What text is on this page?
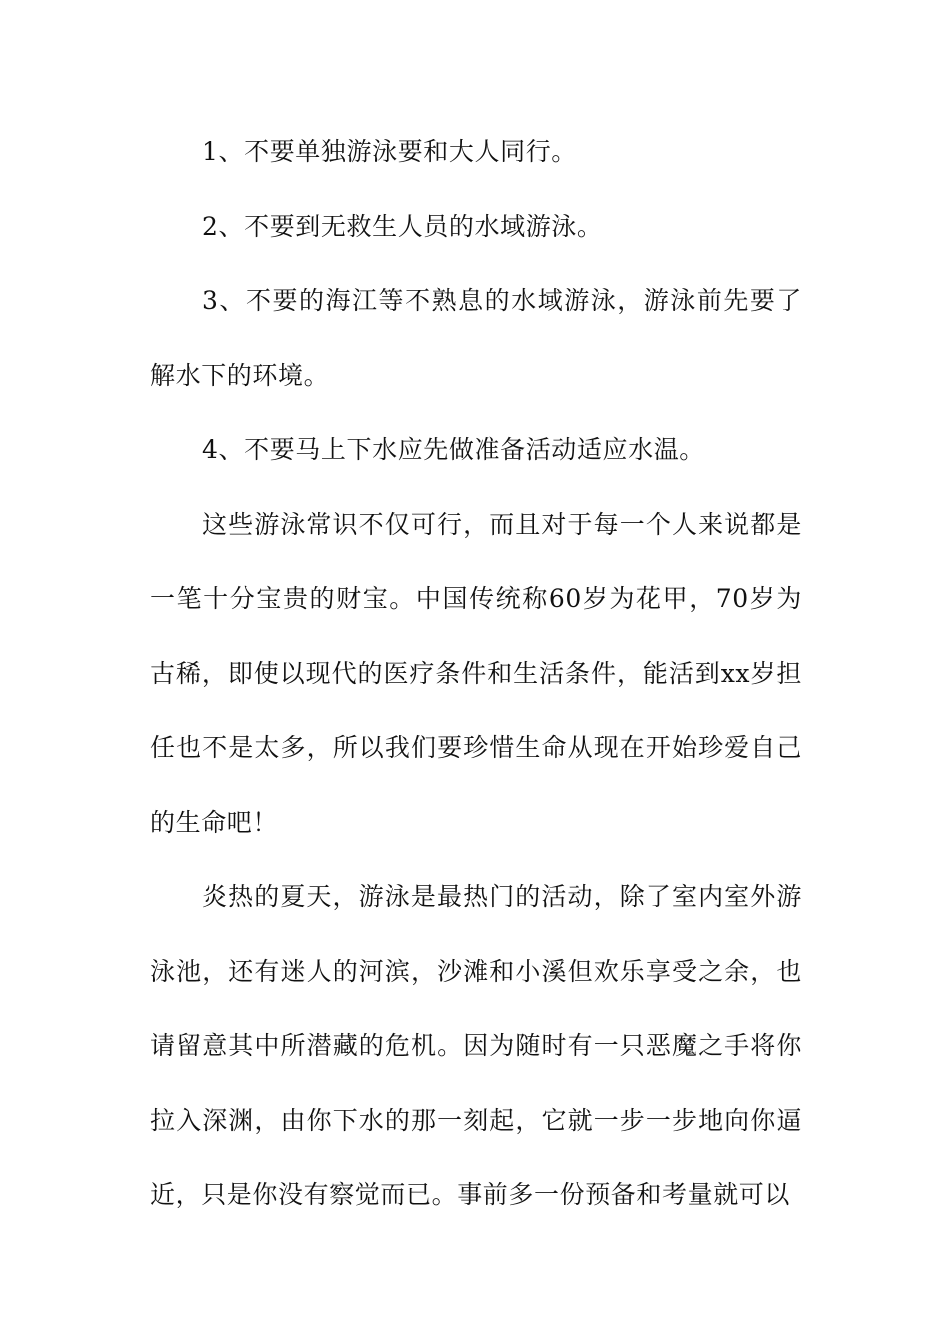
1、不要单独游泳要和大人同行。

2、不要到无救生人员的水域游泳。

3、不要的海江等不熟息的水域游泳，游泳前先要了解水下的环境。

4、不要马上下水应先做准备活动适应水温。

这些游泳常识不仅可行，而且对于每一个人来说都是一笔十分宝贵的财宝。中国传统称60岁为花甲，70岁为古稀，即使以现代的医疗条件和生活条件，能活到xx岁担任也不是太多，所以我们要珍惜生命从现在开始珍爱自己的生命吧！

炎热的夏天，游泳是最热门的活动，除了室内室外游泳池，还有迷人的河滨，沙滩和小溪但欢乐享受之余，也请留意其中所潜藏的危机。因为随时有一只恶魔之手将你拉入深渊，由你下水的那一刻起，它就一步一步地向你逼近，只是你没有察觉而已。事前多一份预备和考量就可以
